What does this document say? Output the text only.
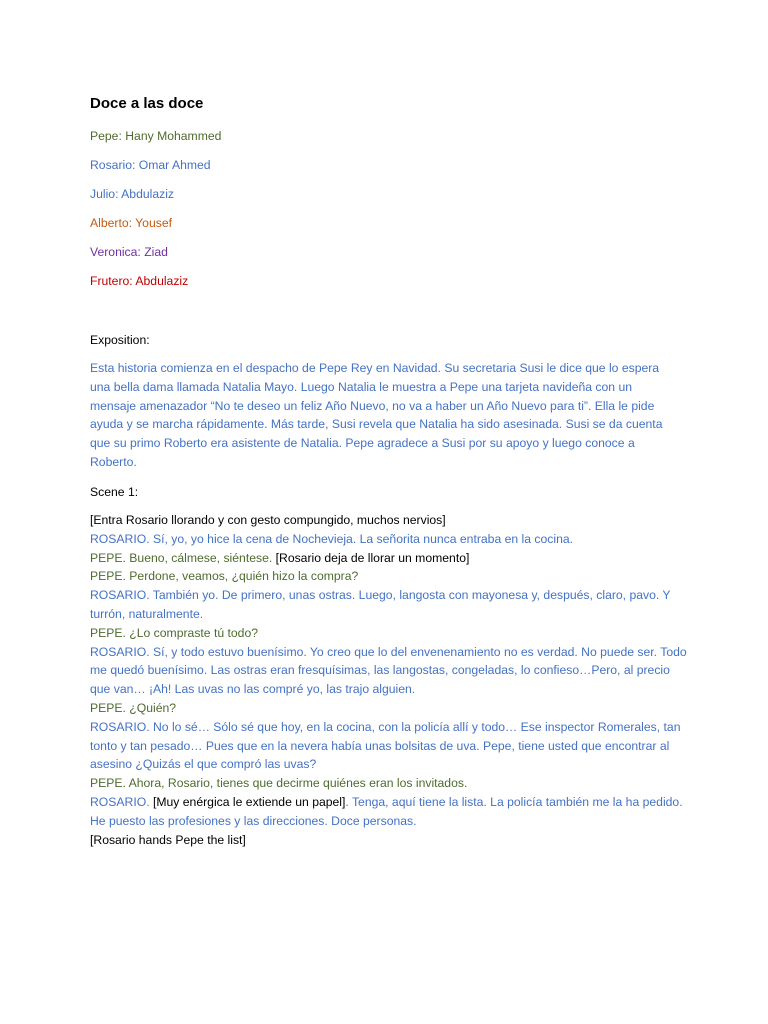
Doce a las doce
Pepe: Hany Mohammed
Rosario: Omar Ahmed
Julio: Abdulaziz
Alberto: Yousef
Veronica: Ziad
Frutero: Abdulaziz
Exposition:
Esta historia comienza en el despacho de Pepe Rey en Navidad. Su secretaria Susi le dice que lo espera una bella dama llamada Natalia Mayo. Luego Natalia le muestra a Pepe una tarjeta navideña con un mensaje amenazador “No te deseo un feliz Año Nuevo, no va a haber un Año Nuevo para ti”. Ella le pide ayuda y se marcha rápidamente. Más tarde, Susi revela que Natalia ha sido asesinada. Susi se da cuenta que su primo Roberto era asistente de Natalia. Pepe agradece a Susi por su apoyo y luego conoce a Roberto.
Scene 1:
[Entra Rosario llorando y con gesto compungido, muchos nervios]
ROSARIO. Sí, yo, yo hice la cena de Nochevieja. La señorita nunca entraba en la cocina.
PEPE. Bueno, cálmese, siéntese. [Rosario deja de llorar un momento]
PEPE. Perdone, veamos, ¿quién hizo la compra?
ROSARIO. También yo. De primero, unas ostras. Luego, langosta con mayonesa y, después, claro, pavo. Y turrón, naturalmente.
PEPE. ¿Lo compraste tú todo?
ROSARIO. Sí, y todo estuvo buenísimo. Yo creo que lo del envenenamiento no es verdad. No puede ser. Todo me quedó buenísimo. Las ostras eran fresquísimas, las langostas, congeladas, lo confieso…Pero, al precio que van… ¡Ah! Las uvas no las compré yo, las trajo alguien.
PEPE. ¿Quién?
ROSARIO. No lo sé… Sólo sé que hoy, en la cocina, con la policía allí y todo… Ese inspector Romerales, tan tonto y tan pesado… Pues que en la nevera había unas bolsitas de uva. Pepe, tiene usted que encontrar al asesino ¿Quizás el que compró las uvas?
PEPE. Ahora, Rosario, tienes que decirme quiénes eran los invitados.
ROSARIO. [Muy enérgica le extiende un papel]. Tenga, aquí tiene la lista. La policía también me la ha pedido. He puesto las profesiones y las direcciones. Doce personas.
[Rosario hands Pepe the list]
